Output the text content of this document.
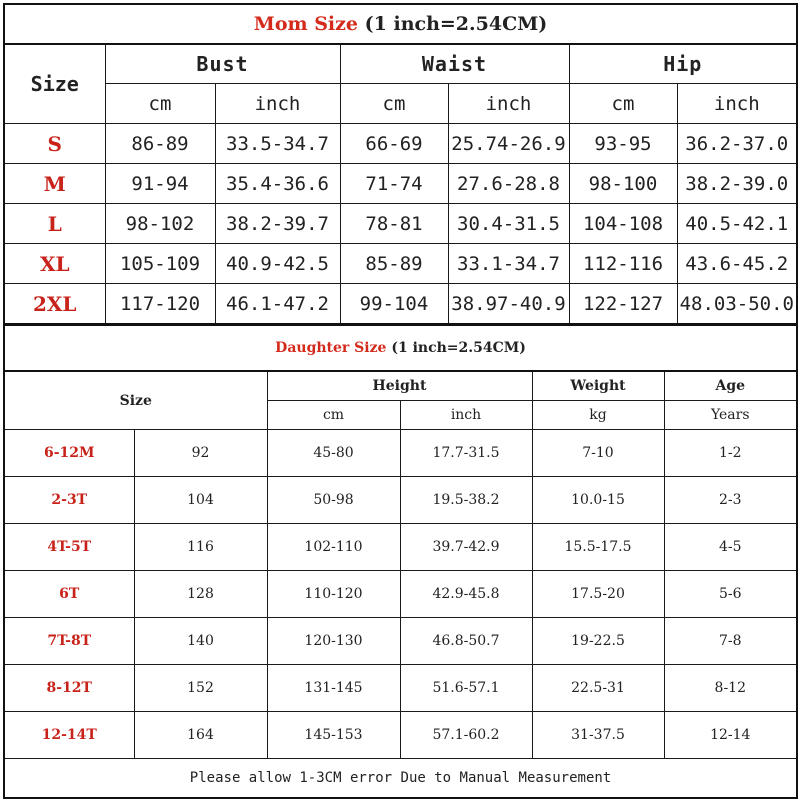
Mom Size (1 inch=2.54CM)						
Size	Bust		Waist		Hip	
	cm	inch	cm	inch	cm	inch
S	86-89	33.5-34.7	66-69	25.74-26.9	93-95	36.2-37.0
M	91-94	35.4-36.6	71-74	27.6-28.8	98-100	38.2-39.0
L	98-102	38.2-39.7	78-81	30.4-31.5	104-108	40.5-42.1
XL	105-109	40.9-42.5	85-89	33.1-34.7	112-116	43.6-45.2
2XL	117-120	46.1-47.2	99-104	38.97-40.9	122-127	48.03-50.0
Daughter Size (1 inch=2.54CM)					
Size		Height		Weight	Age
		cm	inch	kg	Years
6-12M	92	45-80	17.7-31.5	7-10	1-2
2-3T	104	50-98	19.5-38.2	10.0-15	2-3
4T-5T	116	102-110	39.7-42.9	15.5-17.5	4-5
6T	128	110-120	42.9-45.8	17.5-20	5-6
7T-8T	140	120-130	46.8-50.7	19-22.5	7-8
8-12T	152	131-145	51.6-57.1	22.5-31	8-12
12-14T	164	145-153	57.1-60.2	31-37.5	12-14
Please allow 1-3CM error Due to Manual Measurement					
